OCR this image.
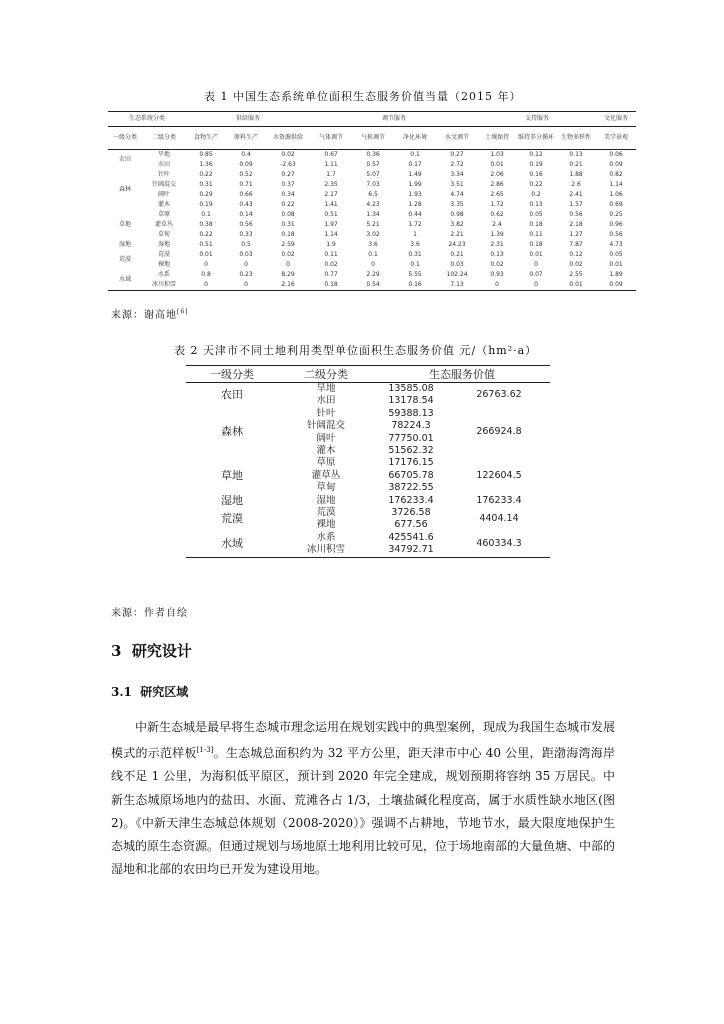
表 1 中国生态系统单位面积生态服务价值当量（2015 年）
生态系统分类		供给服务			调节服务				支持服务			文化服务
一级分类	二级分类	食物生产	原料生产	水资源供给	气体调节	气候调节	净化环境	水文调节	土壤保持	维持养分循环	生物多样性	美学景观
农田	旱地	0.85	0.4	0.02	0.67	0.36	0.1	0.27	1.03	0.12	0.13	0.06
	水田	1.36	0.09	-2.63	1.11	0.57	0.17	2.72	0.01	0.19	0.21	0.09
森林	针叶	0.22	0.52	0.27	1.7	5.07	1.49	3.34	2.06	0.16	1.88	0.82
	针阔混交	0.31	0.71	0.37	2.35	7.03	1.99	3.51	2.86	0.22	2.6	1.14
	阔叶	0.29	0.66	0.34	2.17	6.5	1.93	4.74	2.65	0.2	2.41	1.06
	灌木	0.19	0.43	0.22	1.41	4.23	1.28	3.35	1.72	0.13	1.57	0.69
草地	草原	0.1	0.14	0.08	0.51	1.34	0.44	0.98	0.62	0.05	0.56	0.25
	灌草丛	0.38	0.56	0.31	1.97	5.21	1.72	3.82	2.4	0.18	2.18	0.96
	草甸	0.22	0.33	0.18	1.14	3.02	1	2.21	1.39	0.11	1.27	0.56
湿地	湿地	0.51	0.5	2.59	1.9	3.6	3.6	24.23	2.31	0.18	7.87	4.73
荒漠	荒漠	0.01	0.03	0.02	0.11	0.1	0.31	0.21	0.13	0.01	0.12	0.05
	裸地	0	0	0	0.02	0	0.1	0.03	0.02	0	0.02	0.01
水域	水系	0.8	0.23	8.29	0.77	2.29	5.55	102.24	0.93	0.07	2.55	1.89
	冰川积雪	0	0	2.16	0.18	0.54	0.16	7.13	0	0	0.01	0.09
来源：谢高地[6]
表 2 天津市不同土地利用类型单位面积生态服务价值 元/（hm²·a）
一级分类	二级分类	生态服务价值	
农田	旱地	13585.08	26763.62
	水田	13178.54	
森林	针叶	59388.13	266924.8
	针阔混交	78224.3	
	阔叶	77750.01	
	灌木	51562.32	
草地	草原	17176.15	122604.5
	灌草丛	66705.78	
	草甸	38722.55	
湿地	湿地	176233.4	176233.4
荒漠	荒漠	3726.58	4404.14
	裸地	677.56	
水域	水系	425541.6	460334.3
	冰川积雪	34792.71	
来源：作者自绘
3 研究设计
3.1 研究区域

中新生态城是最早将生态城市理念运用在规划实践中的典型案例，现成为我国生态城市发展模式的示范样板[1-3]。生态城总面积约为 32 平方公里，距天津市中心 40 公里，距渤海湾海岸线不足 1 公里，为海积低平原区，预计到 2020 年完全建成，规划预期将容纳 35 万居民。中新生态城原场地内的盐田、水面、荒滩各占 1/3，土壤盐碱化程度高，属于水质性缺水地区(图 2)。《中新天津生态城总体规划（2008-2020）》强调不占耕地，节地节水，最大限度地保护生态城的原生态资源。但通过规划与场地原土地利用比较可见，位于场地南部的大量鱼塘、中部的湿地和北部的农田均已开发为建设用地。
